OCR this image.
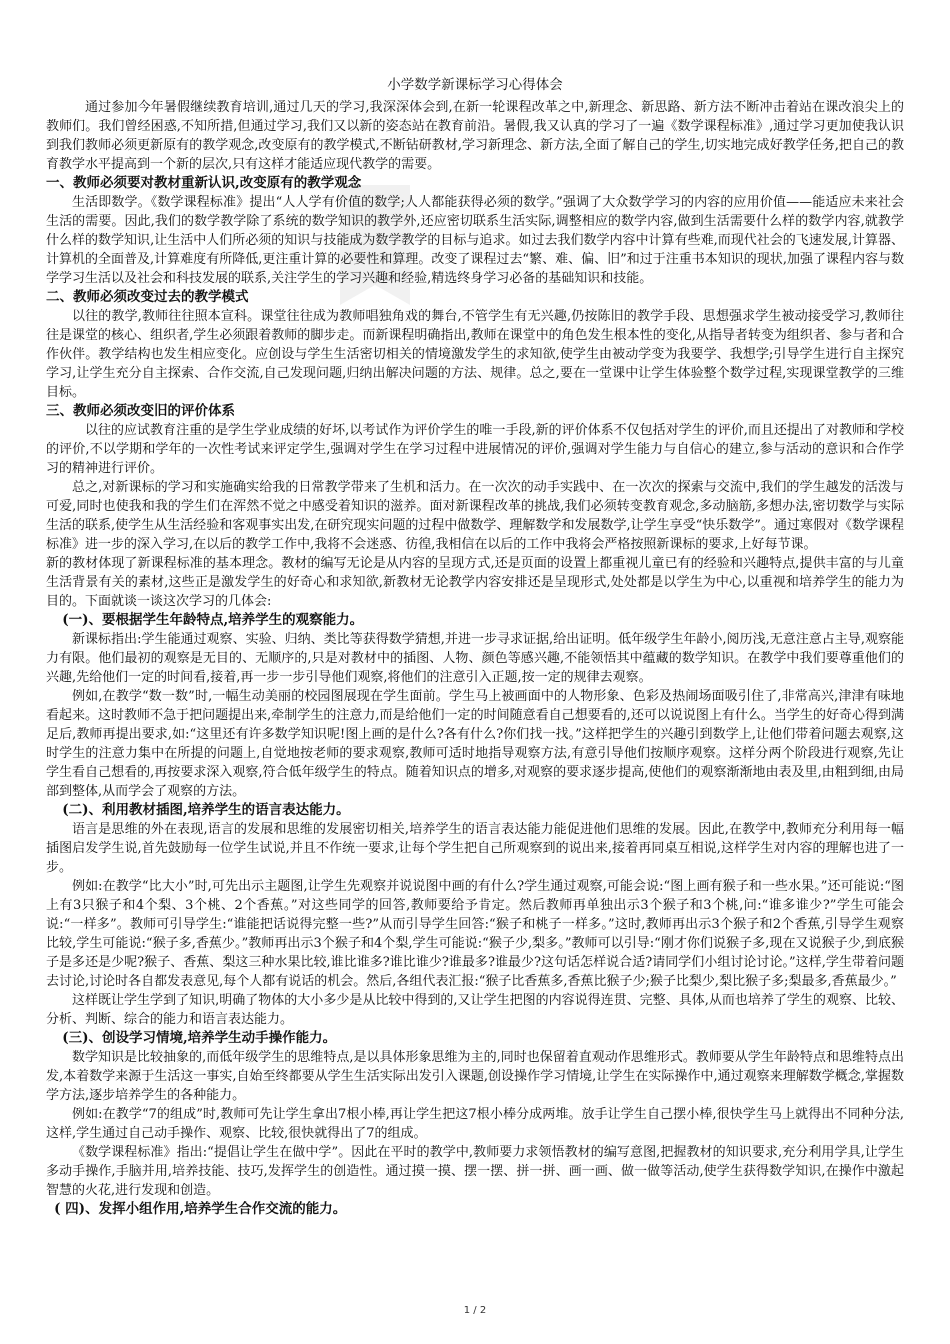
小学数学新课标学习心得体会

通过参加今年暑假继续教育培训,通过几天的学习,我深深体会到,在新一轮课程改革之中,新理念、新思路、新方法不断冲击着站在课改浪尖上的教师们。我们曾经困惑,不知所措,但通过学习,我们又以新的姿态站在教育前沿。暑假,我又认真的学习了一遍《数学课程标准》,通过学习更加使我认识到我们教师必须更新原有的教学观念,改变原有的教学模式,不断钻研教材,学习新理念、新方法,全面了解自己的学生,切实地完成好教学任务,把自己的教育教学水平提高到一个新的层次,只有这样才能适应现代教学的需要。

一、教师必须要对教材重新认识,改变原有的教学观念

生活即数学。《数学课程标准》提出“人人学有价值的数学;人人都能获得必须的数学。”强调了大众数学学习的内容的应用价值——能适应未来社会生活的需要。因此,我们的数学教学除了系统的数学知识的教学外,还应密切联系生活实际,调整相应的数学内容,做到生活需要什么样的数学内容,就教学什么样的数学知识,让生活中人们所必须的知识与技能成为数学教学的目标与追求。如过去我们数学内容中计算有些难,而现代社会的飞速发展,计算器、计算机的全面普及,计算难度有所降低,更注重计算的必要性和算理。改变了课程过去“繁、难、偏、旧”和过于注重书本知识的现状,加强了课程内容与数学学习生活以及社会和科技发展的联系,关注学生的学习兴趣和经验,精选终身学习必备的基础知识和技能。

二、教师必须改变过去的教学模式

以往的教学,教师往往照本宣科。课堂往往成为教师唱独角戏的舞台,不管学生有无兴趣,仍按陈旧的教学手段、思想强求学生被动接受学习,教师往往是课堂的核心、组织者,学生必须跟着教师的脚步走。而新课程明确指出,教师在课堂中的角色发生根本性的变化,从指导者转变为组织者、参与者和合作伙伴。教学结构也发生相应变化。应创设与学生生活密切相关的情境激发学生的求知欲,使学生由被动学变为我要学、我想学;引导学生进行自主探究学习,让学生充分自主探索、合作交流,自己发现问题,归纳出解决问题的方法、规律。总之,要在一堂课中让学生体验整个数学过程,实现课堂教学的三维目标。

三、教师必须改变旧的评价体系

以往的应试教育注重的是学生学业成绩的好坏,以考试作为评价学生的唯一手段,新的评价体系不仅包括对学生的评价,而且还提出了对教师和学校的评价,不以学期和学年的一次性考试来评定学生,强调对学生在学习过程中进展情况的评价,强调对学生能力与自信心的建立,参与活动的意识和合作学习的精神进行评价。

总之,对新课标的学习和实施确实给我的日常教学带来了生机和活力。在一次次的动手实践中、在一次次的探索与交流中,我们的学生越发的活泼与可爱,同时也使我和我的学生们在浑然不觉之中感受着知识的滋养。面对新课程改革的挑战,我们必须转变教育观念,多动脑筋,多想办法,密切数学与实际生活的联系,使学生从生活经验和客观事实出发,在研究现实问题的过程中做数学、理解数学和发展数学,让学生享受“快乐数学”。通过寒假对《数学课程标准》进一步的深入学习,在以后的教学工作中,我将不会迷惑、彷徨,我相信在以后的工作中我将会严格按照新课标的要求,上好每节课。

新的教材体现了新课程标准的基本理念。教材的编写无论是从内容的呈现方式,还是页面的设置上都重视儿童已有的经验和兴趣特点,提供丰富的与儿童生活背景有关的素材,这些正是激发学生的好奇心和求知欲,新教材无论教学内容安排还是呈现形式,处处都是以学生为中心,以重视和培养学生的能力为目的。下面就谈一谈这次学习的几体会:

(一)、要根据学生年龄特点,培养学生的观察能力。

新课标指出:学生能通过观察、实验、归纳、类比等获得数学猜想,并进一步寻求证据,给出证明。低年级学生年龄小,阅历浅,无意注意占主导,观察能力有限。他们最初的观察是无目的、无顺序的,只是对教材中的插图、人物、颜色等感兴趣,不能领悟其中蕴藏的数学知识。在教学中我们要尊重他们的兴趣,先给他们一定的时间看,接着,再一步一步引导他们观察,将他们的注意引入正题,按一定的规律去观察。

例如,在教学“数一数”时,一幅生动美丽的校园图展现在学生面前。学生马上被画面中的人物形象、色彩及热闹场面吸引住了,非常高兴,津津有味地看起来。这时教师不急于把问题提出来,牵制学生的注意力,而是给他们一定的时间随意看自己想要看的,还可以说说图上有什么。当学生的好奇心得到满足后,教师再提出要求,如:“这里还有许多数学知识呢!图上画的是什么?各有什么?你们找一找。”这样把学生的兴趣引到数学上,让他们带着问题去观察,这时学生的注意力集中在所提的问题上,自觉地按老师的要求观察,教师可适时地指导观察方法,有意引导他们按顺序观察。这样分两个阶段进行观察,先让学生看自己想看的,再按要求深入观察,符合低年级学生的特点。随着知识点的增多,对观察的要求逐步提高,使他们的观察渐渐地由表及里,由粗到细,由局部到整体,从而学会了观察的方法。

(二)、利用教材插图,培养学生的语言表达能力。

语言是思维的外在表现,语言的发展和思维的发展密切相关,培养学生的语言表达能力能促进他们思维的发展。因此,在教学中,教师充分利用每一幅插图启发学生说,首先鼓励每一位学生试说,并且不作统一要求,让每个学生把自己所观察到的说出来,接着再同桌互相说,这样学生对内容的理解也进了一步。

例如:在教学“比大小”时,可先出示主题图,让学生先观察并说说图中画的有什么?学生通过观察,可能会说:“图上画有猴子和一些水果。”还可能说:“图上有3只猴子和4个梨、3个桃、2个香蕉。”对这些同学的回答,教师要给予肯定。然后教师再单独出示3个猴子和3个桃,问:“谁多谁少?”学生可能会说:“一样多”。教师可引导学生:“谁能把话说得完整一些?”从而引导学生回答:“猴子和桃子一样多。”这时,教师再出示3个猴子和2个香蕉,引导学生观察比较,学生可能说:“猴子多,香蕉少。”教师再出示3个猴子和4个梨,学生可能说:“猴子少,梨多。”教师可以引导:“刚才你们说猴子多,现在又说猴子少,到底猴子是多还是少呢?猴子、香蕉、梨这三种水果比较,谁比谁多?谁比谁少?谁最多?谁最少?这句话怎样说合适?请同学们小组讨论讨论。”这样,学生带着问题去讨论,讨论时各自都发表意见,每个人都有说话的机会。然后,各组代表汇报:“猴子比香蕉多,香蕉比猴子少;猴子比梨少,梨比猴子多;梨最多,香蕉最少。”

这样既让学生学到了知识,明确了物体的大小多少是从比较中得到的,又让学生把图的内容说得连贯、完整、具体,从而也培养了学生的观察、比较、分析、判断、综合的能力和语言表达能力。

(三)、创设学习情境,培养学生动手操作能力。

数学知识是比较抽象的,而低年级学生的思维特点,是以具体形象思维为主的,同时也保留着直观动作思维形式。教师要从学生年龄特点和思维特点出发,本着数学来源于生活这一事实,自始至终都要从学生生活实际出发引入课题,创设操作学习情境,让学生在实际操作中,通过观察来理解数学概念,掌握数学方法,逐步培养学生的各种能力。

例如:在教学“7的组成”时,教师可先让学生拿出7根小棒,再让学生把这7根小棒分成两堆。放手让学生自己摆小棒,很快学生马上就得出不同种分法,这样,学生通过自己动手操作、观察、比较,很快就得出了7的组成。

《数学课程标准》指出:“提倡让学生在做中学”。因此在平时的教学中,教师要力求领悟教材的编写意图,把握教材的知识要求,充分利用学具,让学生多动手操作,手脑并用,培养技能、技巧,发挥学生的创造性。通过摸一摸、摆一摆、拼一拼、画一画、做一做等活动,使学生获得数学知识,在操作中激起智慧的火花,进行发现和创造。

( 四)、发挥小组作用,培养学生合作交流的能力。
1 / 2
